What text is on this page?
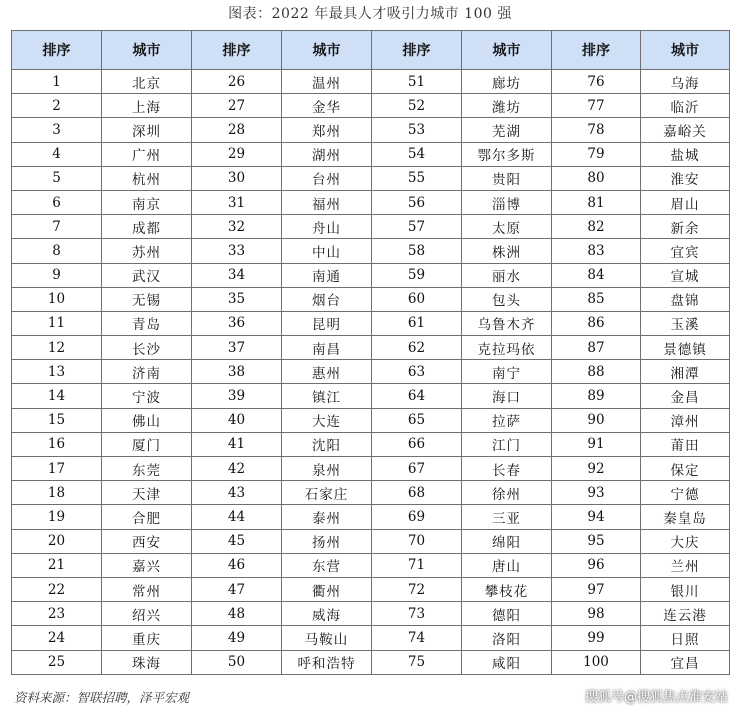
图表：2022 年最具人才吸引力城市 100 强
排序	城市	排序	城市	排序	城市	排序	城市
1	北京	26	温州	51	廊坊	76	乌海
2	上海	27	金华	52	潍坊	77	临沂
3	深圳	28	郑州	53	芜湖	78	嘉峪关
4	广州	29	湖州	54	鄂尔多斯	79	盐城
5	杭州	30	台州	55	贵阳	80	淮安
6	南京	31	福州	56	淄博	81	眉山
7	成都	32	舟山	57	太原	82	新余
8	苏州	33	中山	58	株洲	83	宜宾
9	武汉	34	南通	59	丽水	84	宣城
10	无锡	35	烟台	60	包头	85	盘锦
11	青岛	36	昆明	61	乌鲁木齐	86	玉溪
12	长沙	37	南昌	62	克拉玛依	87	景德镇
13	济南	38	惠州	63	南宁	88	湘潭
14	宁波	39	镇江	64	海口	89	金昌
15	佛山	40	大连	65	拉萨	90	漳州
16	厦门	41	沈阳	66	江门	91	莆田
17	东莞	42	泉州	67	长春	92	保定
18	天津	43	石家庄	68	徐州	93	宁德
19	合肥	44	泰州	69	三亚	94	秦皇岛
20	西安	45	扬州	70	绵阳	95	大庆
21	嘉兴	46	东营	71	唐山	96	兰州
22	常州	47	衢州	72	攀枝花	97	银川
23	绍兴	48	威海	73	德阳	98	连云港
24	重庆	49	马鞍山	74	洛阳	99	日照
25	珠海	50	呼和浩特	75	咸阳	100	宜昌
资料来源：智联招聘，泽平宏观	搜狐号@搜狐焦点淮安站
